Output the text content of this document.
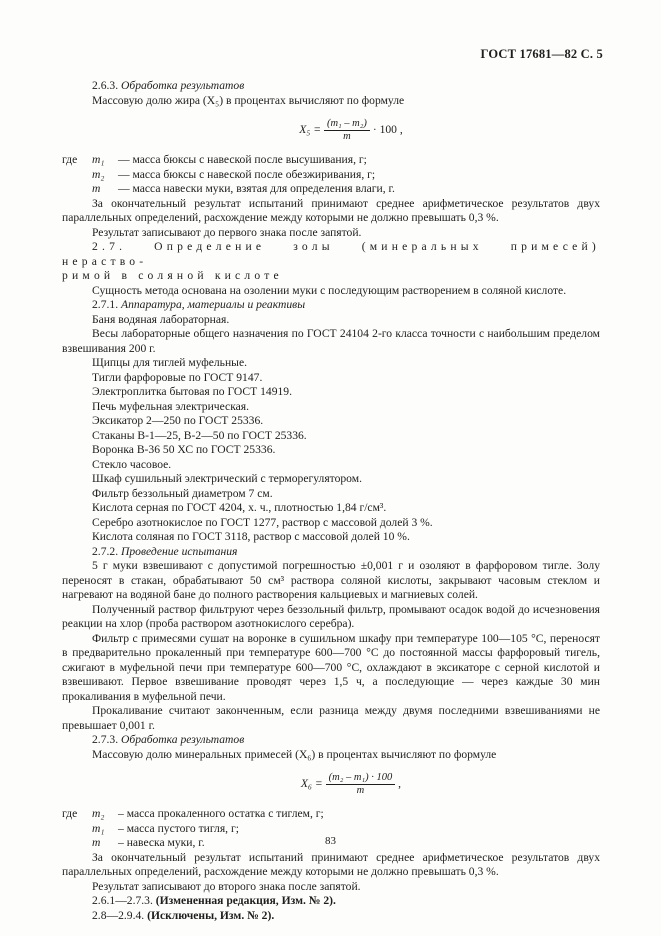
ГОСТ 17681—82 С. 5

2.6.3. Обработка результатов

Массовую долю жира (X₅) в процентах вычисляют по формуле

$X_5 = \frac{\text{(m₁ – m₂)}}{m} \cdot 100$ ,
где	m₁	— масса бюксы с навеской после высушивания, г;
m₂	— масса бюксы с навеской после обезжиривания, г;
m	— масса навески муки, взятая для определения влаги, г.

За окончательный результат испытаний принимают среднее арифметическое результатов двух параллельных определений, расхождение между которыми не должно превышать 0,3 %.

Результат записывают до первого знака после запятой.

2.7. Определение золы (минеральных примесей) нераство-

римой в соляной кислоте

Сущность метода основана на озолении муки с последующим растворением в соляной кислоте.

2.7.1. Аппаратура, материалы и реактивы

Баня водяная лабораторная.

Весы лабораторные общего назначения по ГОСТ 24104 2-го класса точности с наибольшим пределом взвешивания 200 г.

Щипцы для тиглей муфельные.

Тигли фарфоровые по ГОСТ 9147.

Электроплитка бытовая по ГОСТ 14919.

Печь муфельная электрическая.

Эксикатор 2—250 по ГОСТ 25336.

Стаканы В-1—25, В-2—50 по ГОСТ 25336.

Воронка В-36 50 ХС по ГОСТ 25336.

Стекло часовое.

Шкаф сушильный электрический с терморегулятором.

Фильтр беззольный диаметром 7 см.

Кислота серная по ГОСТ 4204, х. ч., плотностью 1,84 г/см³.

Серебро азотнокислое по ГОСТ 1277, раствор с массовой долей 3 %.

Кислота соляная по ГОСТ 3118, раствор с массовой долей 10 %.

2.7.2. Проведение испытания

5 г муки взвешивают с допустимой погрешностью ±0,001 г и озоляют в фарфоровом тигле. Золу переносят в стакан, обрабатывают 50 см³ раствора соляной кислоты, закрывают часовым стеклом и нагревают на водяной бане до полного растворения кальциевых и магниевых солей.

Полученный раствор фильтруют через беззольный фильтр, промывают осадок водой до исчезновения реакции на хлор (проба раствором азотнокислого серебра).

Фильтр с примесями сушат на воронке в сушильном шкафу при температуре 100—105 °С, переносят в предварительно прокаленный при температуре 600—700 °С до постоянной массы фарфоровый тигель, сжигают в муфельной печи при температуре 600—700 °С, охлаждают в эксикаторе с серной кислотой и взвешивают. Первое взвешивание проводят через 1,5 ч, а последующие — через каждые 30 мин прокаливания в муфельной печи.

Прокаливание считают законченным, если разница между двумя последними взвешиваниями не превышает 0,001 г.

2.7.3. Обработка результатов

Массовую долю минеральных примесей (X₆) в процентах вычисляют по формуле

$X_6 = \frac{\text{(m₂ – m₁) · 100}}{m}$ ,
где	m₂	– масса прокаленного остатка с тиглем, г;
m₁	– масса пустого тигля, г;
m	– навеска муки, г.

За окончательный результат испытаний принимают среднее арифметическое результатов двух параллельных определений, расхождение между которыми не должно превышать 0,3 %.

Результат записывают до второго знака после запятой.

2.6.1—2.7.3. (Измененная редакция, Изм. № 2).

2.8—2.9.4. (Исключены, Изм. № 2).

83
